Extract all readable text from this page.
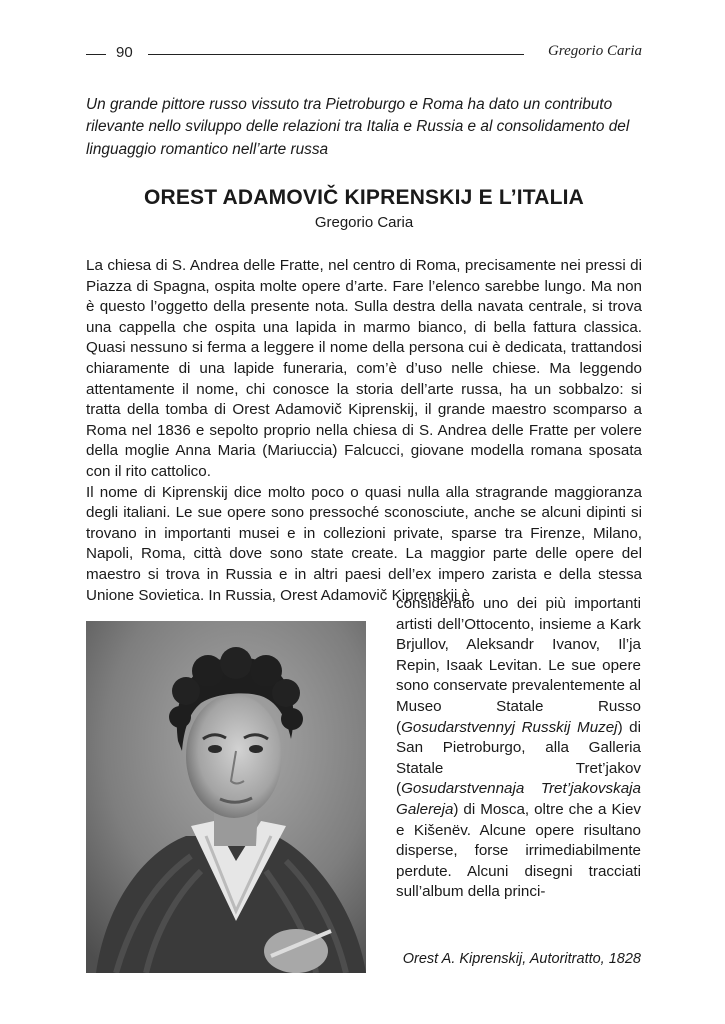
90	Gregorio Caria
Un grande pittore russo vissuto tra Pietroburgo e Roma ha dato un contributo rilevante nello sviluppo delle relazioni tra Italia e Russia e al consolidamento del linguaggio romantico nell’arte russa
OREST ADAMOVIČ KIPRENSKIJ E L’ITALIA
Gregorio Caria

La chiesa di S. Andrea delle Fratte, nel centro di Roma, precisamente nei pressi di Piazza di Spagna, ospita molte opere d’arte. Fare l’elenco sarebbe lungo. Ma non è questo l’oggetto della presente nota. Sulla destra della navata centrale, si trova una cappella che ospita una lapida in marmo bianco, di bella fattura classica. Quasi nessuno si ferma a leggere il nome della persona cui è dedicata, trattandosi chiaramente di una lapide funeraria, com’è d’uso nelle chiese. Ma leggendo attentamente il nome, chi conosce la storia dell’arte russa, ha un sobbalzo: si tratta della tomba di Orest Adamovič Kiprenskij, il grande maestro scomparso a Roma nel 1836 e sepolto proprio nella chiesa di S. Andrea delle Fratte per volere della moglie Anna Maria (Mariuccia) Falcucci, giovane modella romana sposata con il rito cattolico.

Il nome di Kiprenskij dice molto poco o quasi nulla alla stragrande maggioranza degli italiani. Le sue opere sono pressoché sconosciute, anche se alcuni dipinti si trovano in importanti musei e in collezioni private, sparse tra Firenze, Milano, Napoli, Roma, città dove sono state create. La maggior parte delle opere del maestro si trova in Russia e in altri paesi dell’ex impero zarista e della stessa Unione Sovietica. In Russia, Orest Adamovič Kiprenskij è

considerato uno dei più importanti artisti dell’Ottocento, insieme a Kark Brjullov, Aleksandr Ivanov, Il’ja Repin, Isaak Levitan. Le sue opere sono conservate prevalentemente al Museo Statale Russo (Gosudarstvennyj Russkij Muzej) di San Pietroburgo, alla Galleria Statale Tret’jakov (Gosudarstvennaja Tret’jakovskaja Galereja) di Mosca, oltre che a Kiev e Kišenëv. Alcune opere risultano disperse, forse irrimediabilmente perdute. Alcuni disegni tracciati sull’album della princi-
Orest A. Kiprenskij, Autoritratto, 1828
